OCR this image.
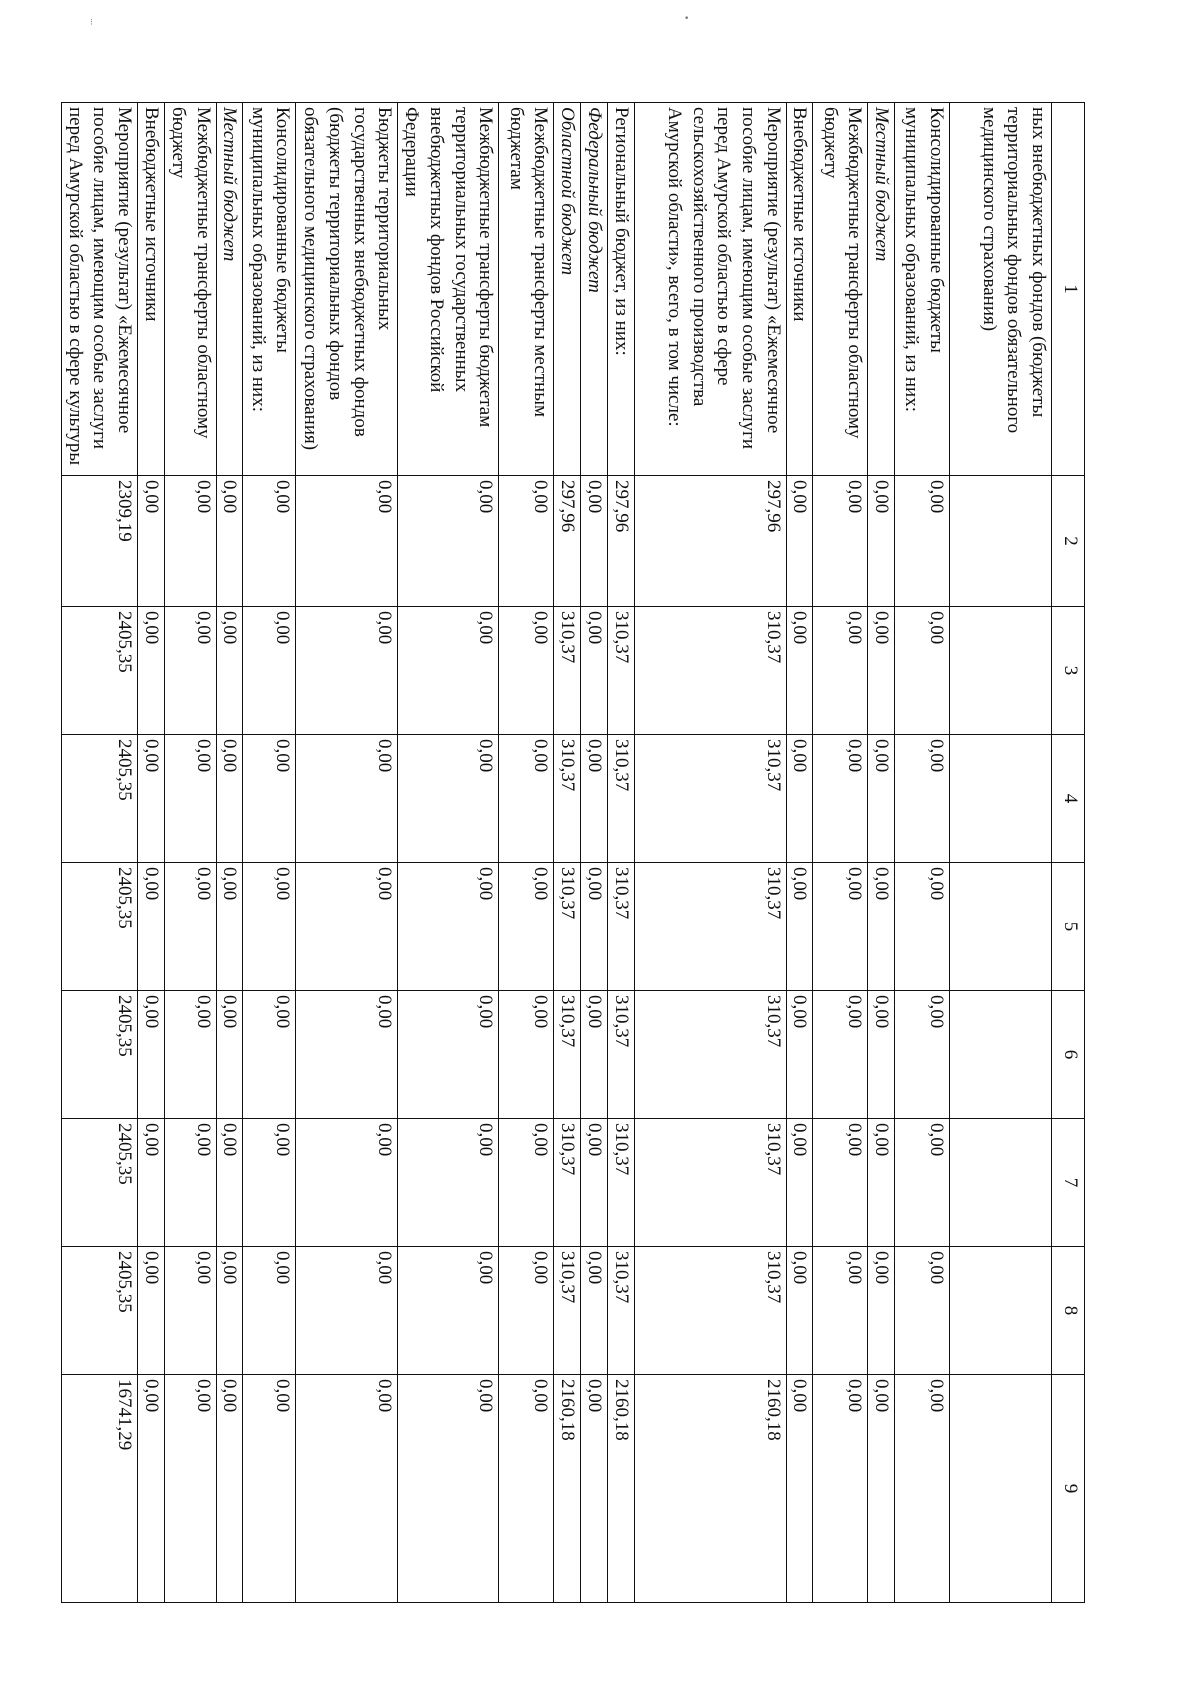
⁝	•
1	2	3	4	5	6	7	8	9
ных внебюджетных фондов (бюджеты территориальных фондов обязательного медицинского страхования)								
Консолидированные бюджеты муниципальных образований, из них:	0,00	0,00	0,00	0,00	0,00	0,00	0,00	0,00
Местный бюджет	0,00	0,00	0,00	0,00	0,00	0,00	0,00	0,00
Межбюджетные трансферты областному бюджету	0,00	0,00	0,00	0,00	0,00	0,00	0,00	0,00
Внебюджетные источники	0,00	0,00	0,00	0,00	0,00	0,00	0,00	0,00
Мероприятие (результат) «Ежемесячное пособие лицам, имеющим особые заслуги перед Амурской областью в сфере сельскохозяйственного производства Амурской области», всего, в том числе:	297,96	310,37	310,37	310,37	310,37	310,37	310,37	2160,18
Региональный бюджет, из них:	297,96	310,37	310,37	310,37	310,37	310,37	310,37	2160,18
Федеральный бюджет	0,00	0,00	0,00	0,00	0,00	0,00	0,00	0,00
Областной бюджет	297,96	310,37	310,37	310,37	310,37	310,37	310,37	2160,18
Межбюджетные трансферты местным бюджетам	0,00	0,00	0,00	0,00	0,00	0,00	0,00	0,00
Межбюджетные трансферты бюджетам территориальных государственных внебюджетных фондов Российской Федерации	0,00	0,00	0,00	0,00	0,00	0,00	0,00	0,00
Бюджеты территориальных государственных внебюджетных фондов (бюджеты территориальных фондов обязательного медицинского страхования)	0,00	0,00	0,00	0,00	0,00	0,00	0,00	0,00
Консолидированные бюджеты муниципальных образований, из них:	0,00	0,00	0,00	0,00	0,00	0,00	0,00	0,00
Местный бюджет	0,00	0,00	0,00	0,00	0,00	0,00	0,00	0,00
Межбюджетные трансферты областному бюджету	0,00	0,00	0,00	0,00	0,00	0,00	0,00	0,00
Внебюджетные источники	0,00	0,00	0,00	0,00	0,00	0,00	0,00	0,00
Мероприятие (результат) «Ежемесячное пособие лицам, имеющим особые заслуги перед Амурской областью в сфере культуры	2309,19	2405,35	2405,35	2405,35	2405,35	2405,35	2405,35	16741,29
